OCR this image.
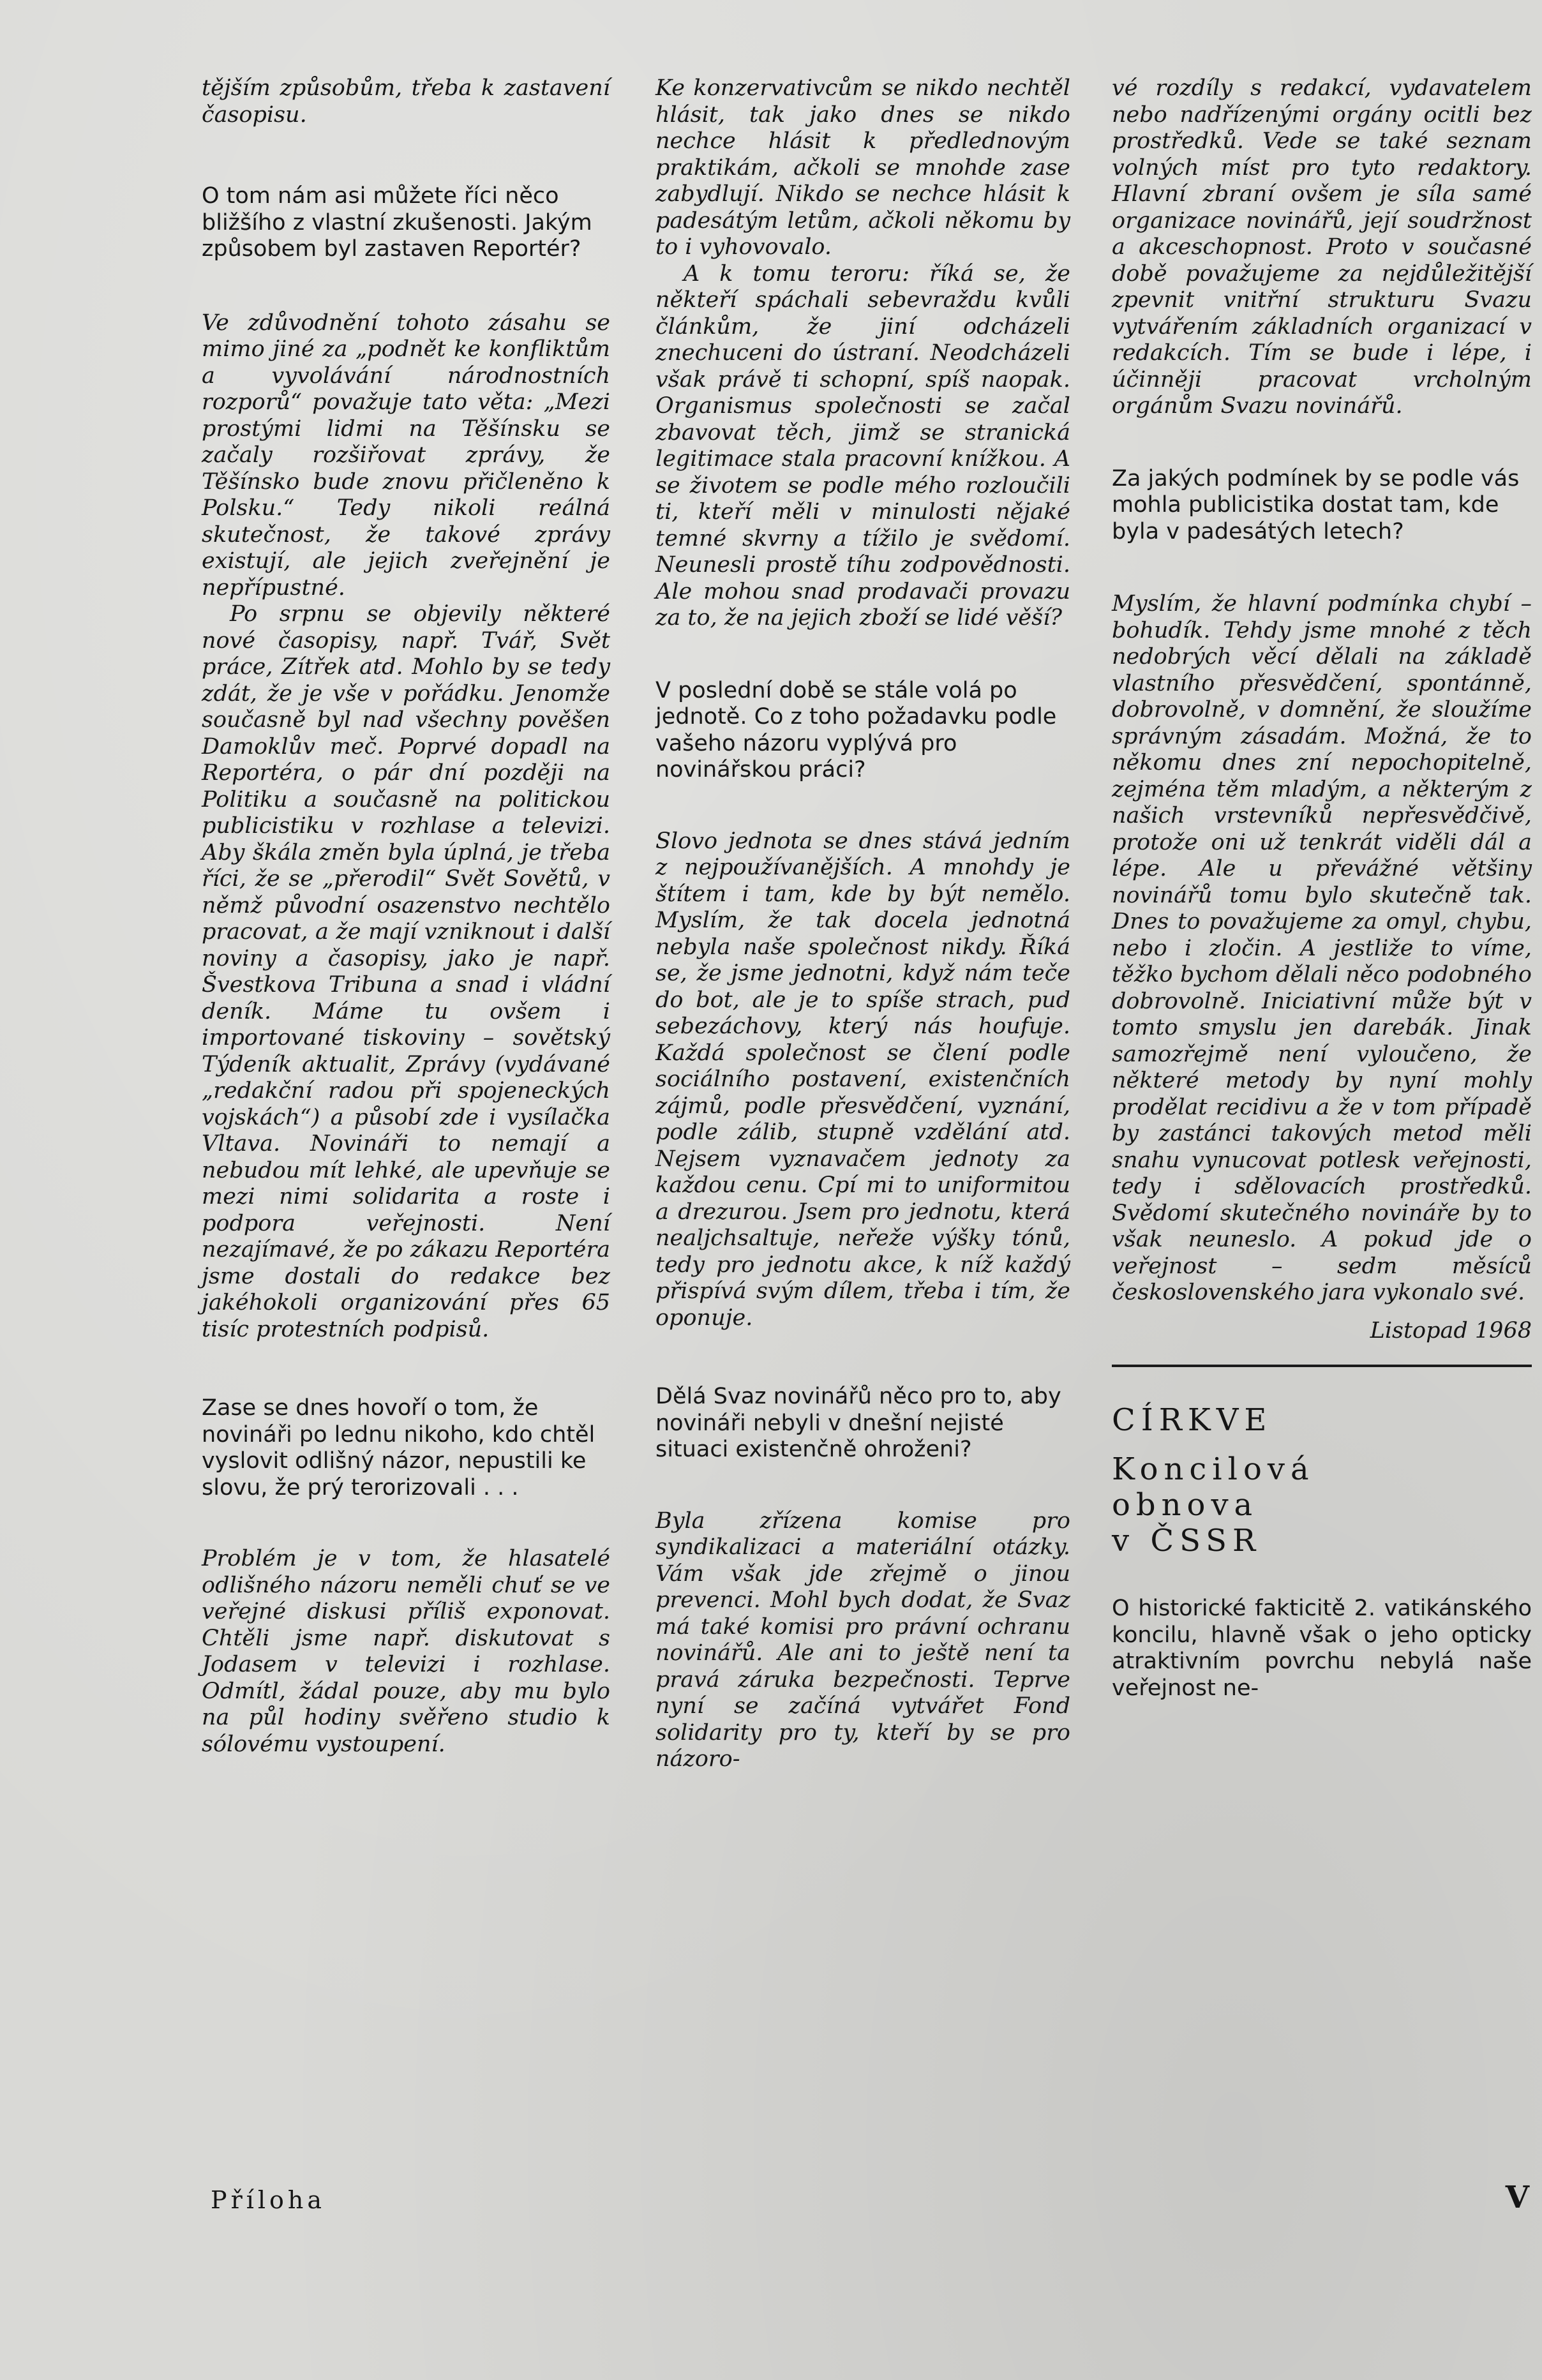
tějším způsobům, třeba k zastavení časopisu.

O tom nám asi můžete říci něco bližšího z vlastní zkušenosti. Jakým způsobem byl zastaven Reportér?

Ve zdůvodnění tohoto zásahu se mimo jiné za „podnět ke konfliktům a vyvolávání národnostních rozporů“ považuje tato věta: „Mezi prostými lidmi na Těšínsku se začaly rozšiřovat zprávy, že Těšínsko bude znovu přičleněno k Polsku.“ Tedy nikoli reálná skutečnost, že takové zprávy existují, ale jejich zveřejnění je nepřípustné.

Po srpnu se objevily některé nové časopisy, např. Tvář, Svět práce, Zítřek atd. Mohlo by se tedy zdát, že je vše v pořádku. Jenomže současně byl nad všechny pověšen Damoklův meč. Poprvé dopadl na Reportéra, o pár dní později na Politiku a současně na politickou publicistiku v rozhlase a televizi. Aby škála změn byla úplná, je třeba říci, že se „přerodil“ Svět Sovětů, v němž původní osazenstvo nechtělo pracovat, a že mají vzniknout i další noviny a časopisy, jako je např. Švestkova Tribuna a snad i vládní deník. Máme tu ovšem i importované tiskoviny – sovětský Týdeník aktualit, Zprávy (vydávané „redakční radou při spojeneckých vojskách“) a působí zde i vysílačka Vltava. Novináři to nemají a nebudou mít lehké, ale upevňuje se mezi nimi solidarita a roste i podpora veřejnosti. Není nezajímavé, že po zákazu Reportéra jsme dostali do redakce bez jakéhokoli organizování přes 65 tisíc protestních podpisů.

Zase se dnes hovoří o tom, že novináři po lednu nikoho, kdo chtěl vyslovit odlišný názor, nepustili ke slovu, že prý terorizovali . . .

Problém je v tom, že hlasatelé odlišného názoru neměli chuť se ve veřejné diskusi příliš exponovat. Chtěli jsme např. diskutovat s Jodasem v televizi i rozhlase. Odmítl, žádal pouze, aby mu bylo na půl hodiny svěřeno studio k sólovému vystoupení.

Ke konzervativcům se nikdo nechtěl hlásit, tak jako dnes se nikdo nechce hlásit k předlednovým praktikám, ačkoli se mnohde zase zabydlují. Nikdo se nechce hlásit k padesátým letům, ačkoli někomu by to i vyhovovalo.

A k tomu teroru: říká se, že někteří spáchali sebevraždu kvůli článkům, že jiní odcházeli znechuceni do ústraní. Neodcházeli však právě ti schopní, spíš naopak. Organismus společnosti se začal zbavovat těch, jimž se stranická legitimace stala pracovní knížkou. A se životem se podle mého rozloučili ti, kteří měli v minulosti nějaké temné skvrny a tížilo je svědomí. Neunesli prostě tíhu zodpovědnosti. Ale mohou snad prodavači provazu za to, že na jejich zboží se lidé věší?

V poslední době se stále volá po jednotě. Co z toho požadavku podle vašeho názoru vyplývá pro novinářskou práci?

Slovo jednota se dnes stává jedním z nejpoužívanějších. A mnohdy je štítem i tam, kde by být nemělo. Myslím, že tak docela jednotná nebyla naše společnost nikdy. Říká se, že jsme jednotni, když nám teče do bot, ale je to spíše strach, pud sebezáchovy, který nás houfuje. Každá společnost se člení podle sociálního postavení, existenčních zájmů, podle přesvědčení, vyznání, podle zálib, stupně vzdělání atd. Nejsem vyznavačem jednoty za každou cenu. Cpí mi to uniformitou a drezurou. Jsem pro jednotu, která nealjchsaltuje, neřeže výšky tónů, tedy pro jednotu akce, k níž každý přispívá svým dílem, třeba i tím, že oponuje.

Dělá Svaz novinářů něco pro to, aby novináři nebyli v dnešní nejisté situaci existenčně ohroženi?

Byla zřízena komise pro syndikalizaci a materiální otázky. Vám však jde zřejmě o jinou prevenci. Mohl bych dodat, že Svaz má také komisi pro právní ochranu novinářů. Ale ani to ještě není ta pravá záruka bezpečnosti. Teprve nyní se začíná vytvářet Fond solidarity pro ty, kteří by se pro názoro-

vé rozdíly s redakcí, vydavatelem nebo nadřízenými orgány ocitli bez prostředků. Vede se také seznam volných míst pro tyto redaktory. Hlavní zbraní ovšem je síla samé organizace novinářů, její soudržnost a akceschopnost. Proto v současné době považujeme za nejdůležitější zpevnit vnitřní strukturu Svazu vytvářením základních organizací v redakcích. Tím se bude i lépe, i účinněji pracovat vrcholným orgánům Svazu novinářů.

Za jakých podmínek by se podle vás mohla publicistika dostat tam, kde byla v padesátých letech?

Myslím, že hlavní podmínka chybí – bohudík. Tehdy jsme mnohé z těch nedobrých věcí dělali na základě vlastního přesvědčení, spontánně, dobrovolně, v domnění, že sloužíme správným zásadám. Možná, že to někomu dnes zní nepochopitelně, zejména těm mladým, a některým z našich vrstevníků nepřesvědčivě, protože oni už tenkrát viděli dál a lépe. Ale u převážné většiny novinářů tomu bylo skutečně tak. Dnes to považujeme za omyl, chybu, nebo i zločin. A jestliže to víme, těžko bychom dělali něco podobného dobrovolně. Iniciativní může být v tomto smyslu jen darebák. Jinak samozřejmě není vyloučeno, že některé metody by nyní mohly prodělat recidivu a že v tom případě by zastánci takových metod měli snahu vynucovat potlesk veřejnosti, tedy i sdělovacích prostředků. Svědomí skutečného novináře by to však neuneslo. A pokud jde o veřejnost – sedm měsíců československého jara vykonalo své.

Listopad 1968
CÍRKVE
Koncilová
obnova
v ČSSR
O historické fakticitě 2. vatikánského koncilu, hlavně však o jeho opticky atraktivním povrchu nebylá naše veřejnost ne-
Příloha	V
